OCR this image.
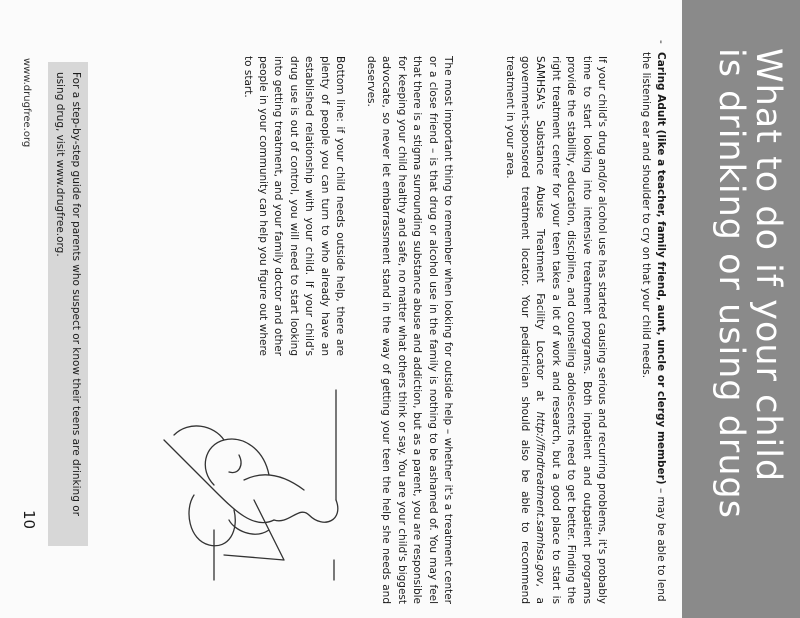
What to do if your child
is drinking or using drugs

-
Caring Adult (like a teacher, family friend, aunt, uncle or clergy member) – may be able to lend the listening ear and shoulder to cry on that your child needs.

If your child's drug and/or alcohol use has started causing serious and recurring problems, it's probably time to start looking into intensive treatment programs. Both inpatient and outpatient programs provide the stability, education, discipline, and counseling adolescents need to get better. Finding the right treatment center for your teen takes a lot of work and research, but a good place to start is SAMHSA's Substance Abuse Treatment Facility Locator at http://findtreatment.samhsa.gov, a government-sponsored treatment locator. Your pediatrician should also be able to recommend treatment in your area.

The most important thing to remember when looking for outside help – whether it's a treatment center or a close friend – is that drug or alcohol use in the family is nothing to be ashamed of. You may feel that there is a stigma surrounding substance abuse and addiction, but as a parent, you are responsible for keeping your child healthy and safe, no matter what others think or say. You are your child's biggest advocate, so never let embarrassment stand in the way of getting your teen the help she needs and deserves.

Bottom line: if your child needs outside help, there are plenty of people you can turn to who already have an established relationship with your child. If your child's drug use is out of control, you will need to start looking into getting treatment, and your family doctor and other people in your community can help you figure out where to start.

For a step-by-step guide for parents who suspect or know their teens are drinking or using drug, visit www.drugfree.org.

www.drugfree.org

10
